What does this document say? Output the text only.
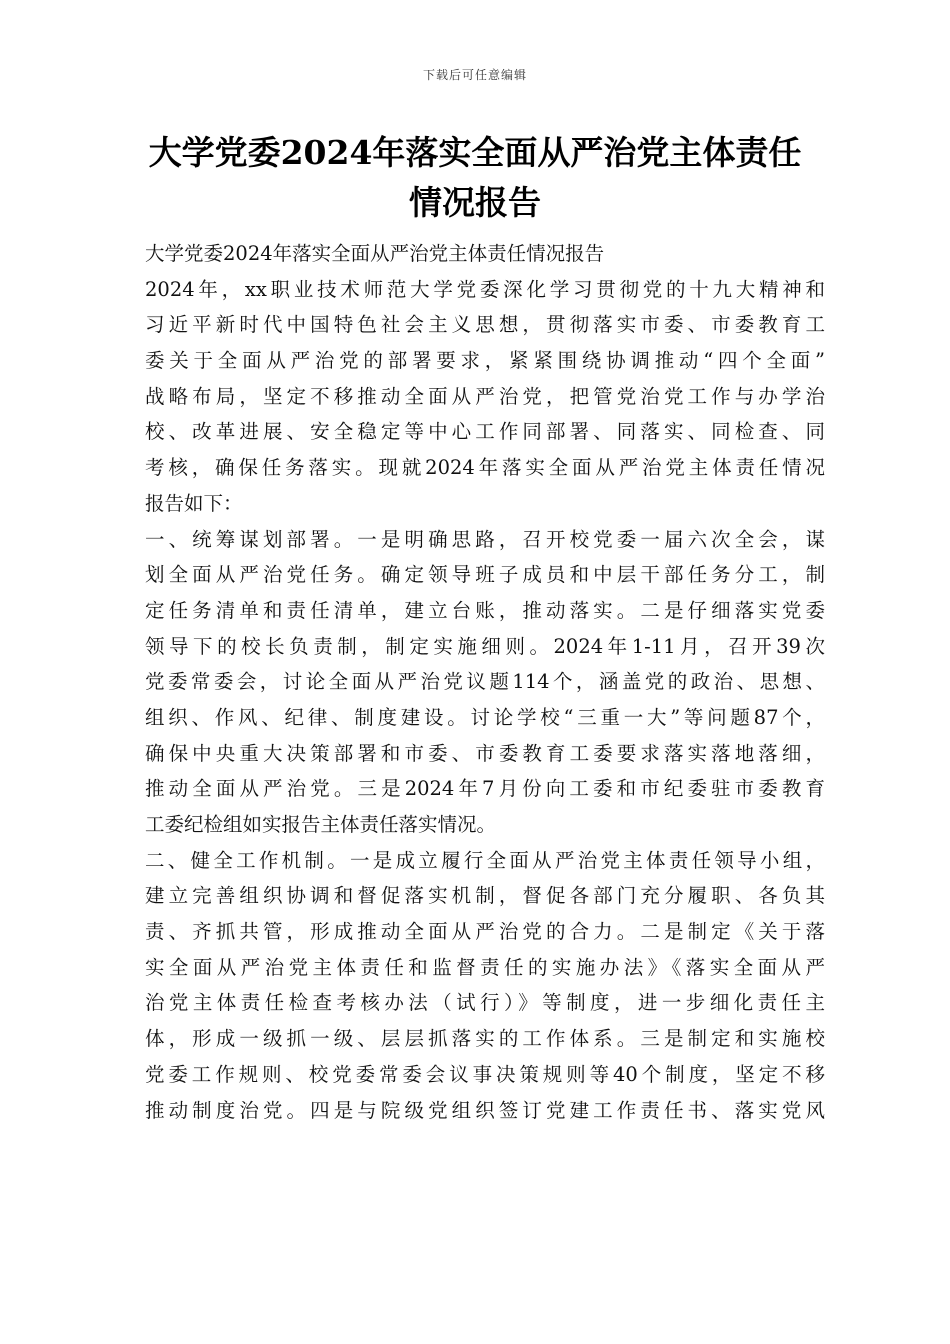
下载后可任意编辑
大学党委2024年落实全面从严治党主体责任情况报告
大学党委2024年落实全面从严治党主体责任情况报告
2024年，xx职业技术师范大学党委深化学习贯彻党的十九大精神和
习近平新时代中国特色社会主义思想，贯彻落实市委、市委教育工
委关于全面从严治党的部署要求，紧紧围绕协调推动“四个全面”
战略布局，坚定不移推动全面从严治党，把管党治党工作与办学治
校、改革进展、安全稳定等中心工作同部署、同落实、同检查、同
考核，确保任务落实。现就2024年落实全面从严治党主体责任情况
报告如下：
一、统筹谋划部署。一是明确思路，召开校党委一届六次全会，谋
划全面从严治党任务。确定领导班子成员和中层干部任务分工，制
定任务清单和责任清单，建立台账，推动落实。二是仔细落实党委
领导下的校长负责制，制定实施细则。2024年1-11月，召开39次
党委常委会，讨论全面从严治党议题114个，涵盖党的政治、思想、
组织、作风、纪律、制度建设。讨论学校“三重一大”等问题87个，
确保中央重大决策部署和市委、市委教育工委要求落实落地落细，
推动全面从严治党。三是2024年7月份向工委和市纪委驻市委教育
工委纪检组如实报告主体责任落实情况。
二、健全工作机制。一是成立履行全面从严治党主体责任领导小组，
建立完善组织协调和督促落实机制，督促各部门充分履职、各负其
责、齐抓共管，形成推动全面从严治党的合力。二是制定《关于落
实全面从严治党主体责任和监督责任的实施办法》《落实全面从严
治党主体责任检查考核办法（试行）》等制度，进一步细化责任主
体，形成一级抓一级、层层抓落实的工作体系。三是制定和实施校
党委工作规则、校党委常委会议事决策规则等40个制度，坚定不移
推动制度治党。四是与院级党组织签订党建工作责任书、落实党风
